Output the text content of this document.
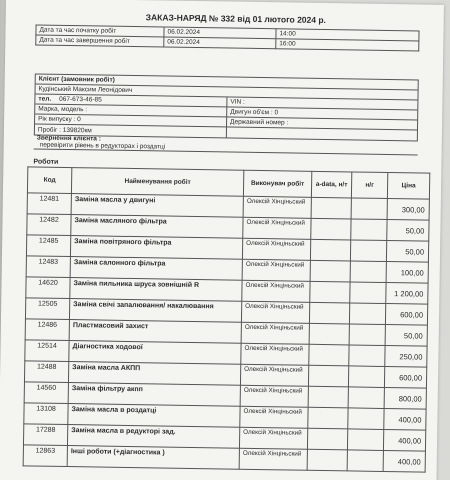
ЗАКАЗ-НАРЯД № 332 від 01 лютого 2024 р.
Дата та час початку робіт	06.02.2024	14:00
Дата та час завершення робіт	06.02.2024	16:00
Клієнт (замовник робіт)
Кудінський Максим Леонідович
тел. 067-673-46-85	VIN :
Марка, модель :	Двигун об'єм : 0
Рік випуску : 0	Державний номер :
Пробіг : 139820км
Звернення клієнта :
перевірити рівень в редукторах і роздатці
Роботи
Код	Найменування робіт	Виконувач робіт	a-data, н/т	н/г	Ціна
12481	Заміна масла у двигуні	Олексій Хінціньский			300,00
12482	Заміна масляного фільтра	Олексій Хінціньский			50,00
12485	Заміна повітряного фільтра	Олексій Хінціньский			50,00
12483	Заміна салонного фільтра	Олексій Хінціньский			100,00
14620	Заміна пильника шруса зовнішній R	Олексій Хінціньский			1 200,00
12505	Заміна свічі запалювання/ накалювання	Олексій Хінціньский			600,00
12486	Пластмасовий захист	Олексій Хінціньский			50,00
12514	Діагностика ходової	Олексій Хінціньский			250,00
12488	Заміна масла АКПП	Олексій Хінціньский			600,00
14560	Заміна фільтру акпп	Олексій Хінціньский			800,00
13108	Заміна масла в роздатці	Олексій Хінціньский			400,00
17288	Заміна масла в редукторі зад.	Олексій Хінціньский			400,00
12863	Інші роботи (+діагностика )	Олексій Хінціньский			400,00
